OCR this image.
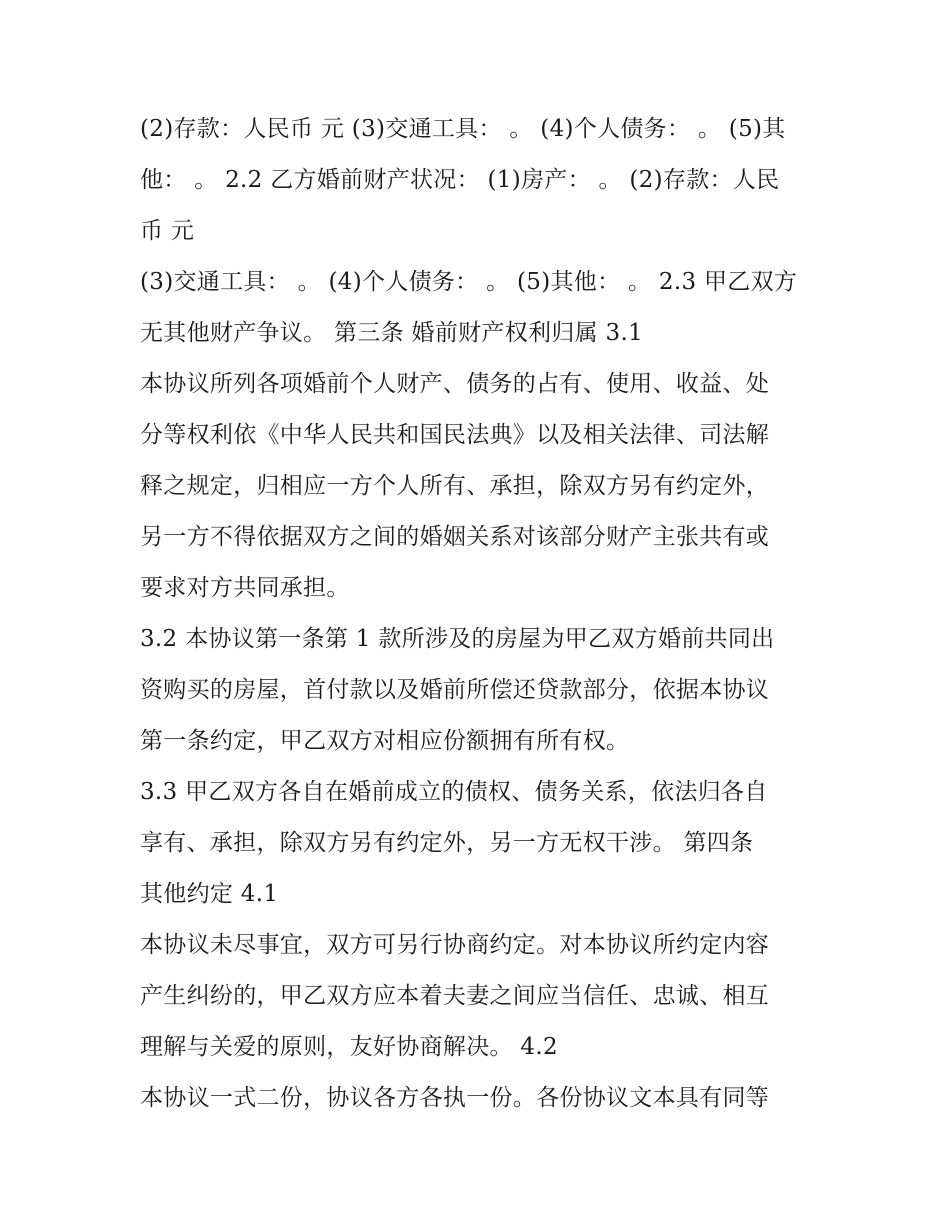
(2)存款：人民币 元 (3)交通工具： 。 (4)个人债务： 。 (5)其
他： 。 2.2 乙方婚前财产状况： (1)房产： 。 (2)存款：人民
币 元
(3)交通工具： 。 (4)个人债务： 。 (5)其他： 。 2.3 甲乙双方
无其他财产争议。 第三条 婚前财产权利归属 3.1
本协议所列各项婚前个人财产、债务的占有、使用、收益、处
分等权利依《中华人民共和国民法典》以及相关法律、司法解
释之规定，归相应一方个人所有、承担，除双方另有约定外，
另一方不得依据双方之间的婚姻关系对该部分财产主张共有或
要求对方共同承担。
3.2 本协议第一条第 1 款所涉及的房屋为甲乙双方婚前共同出
资购买的房屋，首付款以及婚前所偿还贷款部分，依据本协议
第一条约定，甲乙双方对相应份额拥有所有权。
3.3 甲乙双方各自在婚前成立的债权、债务关系，依法归各自
享有、承担，除双方另有约定外，另一方无权干涉。 第四条
其他约定 4.1
本协议未尽事宜，双方可另行协商约定。对本协议所约定内容
产生纠纷的，甲乙双方应本着夫妻之间应当信任、忠诚、相互
理解与关爱的原则，友好协商解决。 4.2
本协议一式二份，协议各方各执一份。各份协议文本具有同等
